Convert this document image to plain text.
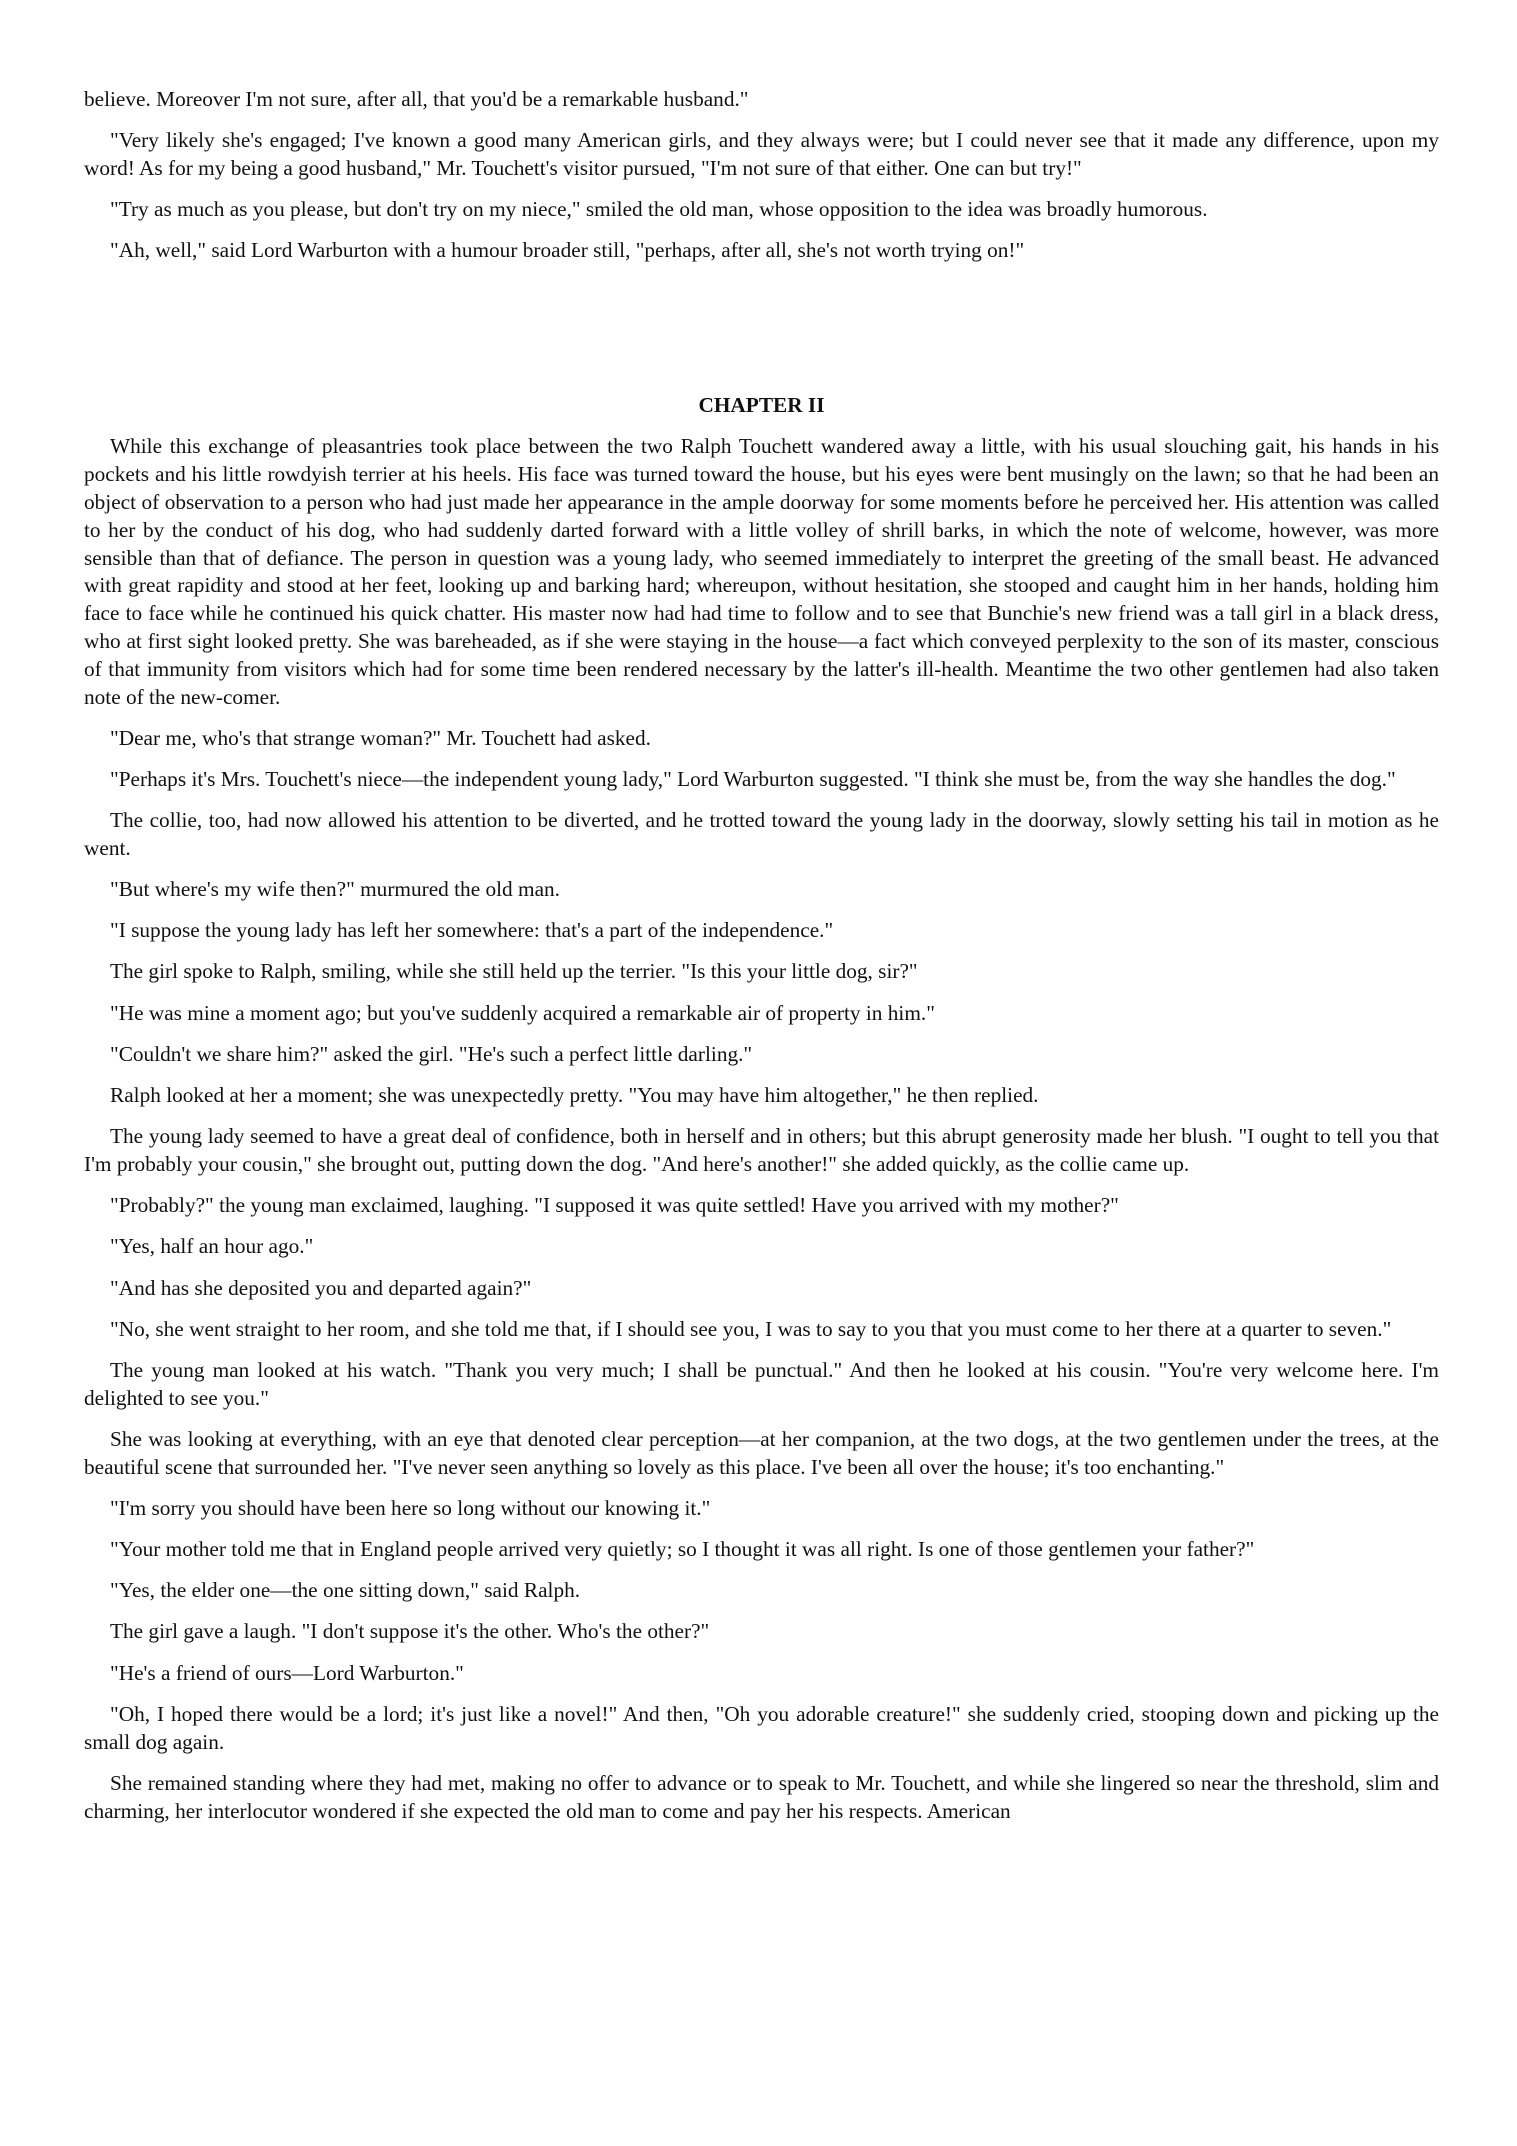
believe. Moreover I'm not sure, after all, that you'd be a remarkable husband."

"Very likely she's engaged; I've known a good many American girls, and they always were; but I could never see that it made any difference, upon my word! As for my being a good husband," Mr. Touchett's visitor pursued, "I'm not sure of that either. One can but try!"

"Try as much as you please, but don't try on my niece," smiled the old man, whose opposition to the idea was broadly humorous.

"Ah, well," said Lord Warburton with a humour broader still, "perhaps, after all, she's not worth trying on!"

CHAPTER II

While this exchange of pleasantries took place between the two Ralph Touchett wandered away a little, with his usual slouching gait, his hands in his pockets and his little rowdyish terrier at his heels. His face was turned toward the house, but his eyes were bent musingly on the lawn; so that he had been an object of observation to a person who had just made her appearance in the ample doorway for some moments before he perceived her. His attention was called to her by the conduct of his dog, who had suddenly darted forward with a little volley of shrill barks, in which the note of welcome, however, was more sensible than that of defiance. The person in question was a young lady, who seemed immediately to interpret the greeting of the small beast. He advanced with great rapidity and stood at her feet, looking up and barking hard; whereupon, without hesitation, she stooped and caught him in her hands, holding him face to face while he continued his quick chatter. His master now had had time to follow and to see that Bunchie's new friend was a tall girl in a black dress, who at first sight looked pretty. She was bareheaded, as if she were staying in the house—a fact which conveyed perplexity to the son of its master, conscious of that immunity from visitors which had for some time been rendered necessary by the latter's ill-health. Meantime the two other gentlemen had also taken note of the new-comer.

"Dear me, who's that strange woman?" Mr. Touchett had asked.

"Perhaps it's Mrs. Touchett's niece—the independent young lady," Lord Warburton suggested. "I think she must be, from the way she handles the dog."

The collie, too, had now allowed his attention to be diverted, and he trotted toward the young lady in the doorway, slowly setting his tail in motion as he went.

"But where's my wife then?" murmured the old man.

"I suppose the young lady has left her somewhere: that's a part of the independence."

The girl spoke to Ralph, smiling, while she still held up the terrier. "Is this your little dog, sir?"

"He was mine a moment ago; but you've suddenly acquired a remarkable air of property in him."

"Couldn't we share him?" asked the girl. "He's such a perfect little darling."

Ralph looked at her a moment; she was unexpectedly pretty. "You may have him altogether," he then replied.

The young lady seemed to have a great deal of confidence, both in herself and in others; but this abrupt generosity made her blush. "I ought to tell you that I'm probably your cousin," she brought out, putting down the dog. "And here's another!" she added quickly, as the collie came up.

"Probably?" the young man exclaimed, laughing. "I supposed it was quite settled! Have you arrived with my mother?"

"Yes, half an hour ago."

"And has she deposited you and departed again?"

"No, she went straight to her room, and she told me that, if I should see you, I was to say to you that you must come to her there at a quarter to seven."

The young man looked at his watch. "Thank you very much; I shall be punctual." And then he looked at his cousin. "You're very welcome here. I'm delighted to see you."

She was looking at everything, with an eye that denoted clear perception—at her companion, at the two dogs, at the two gentlemen under the trees, at the beautiful scene that surrounded her. "I've never seen anything so lovely as this place. I've been all over the house; it's too enchanting."

"I'm sorry you should have been here so long without our knowing it."

"Your mother told me that in England people arrived very quietly; so I thought it was all right. Is one of those gentlemen your father?"

"Yes, the elder one—the one sitting down," said Ralph.

The girl gave a laugh. "I don't suppose it's the other. Who's the other?"

"He's a friend of ours—Lord Warburton."

"Oh, I hoped there would be a lord; it's just like a novel!" And then, "Oh you adorable creature!" she suddenly cried, stooping down and picking up the small dog again.

She remained standing where they had met, making no offer to advance or to speak to Mr. Touchett, and while she lingered so near the threshold, slim and charming, her interlocutor wondered if she expected the old man to come and pay her his respects. American
